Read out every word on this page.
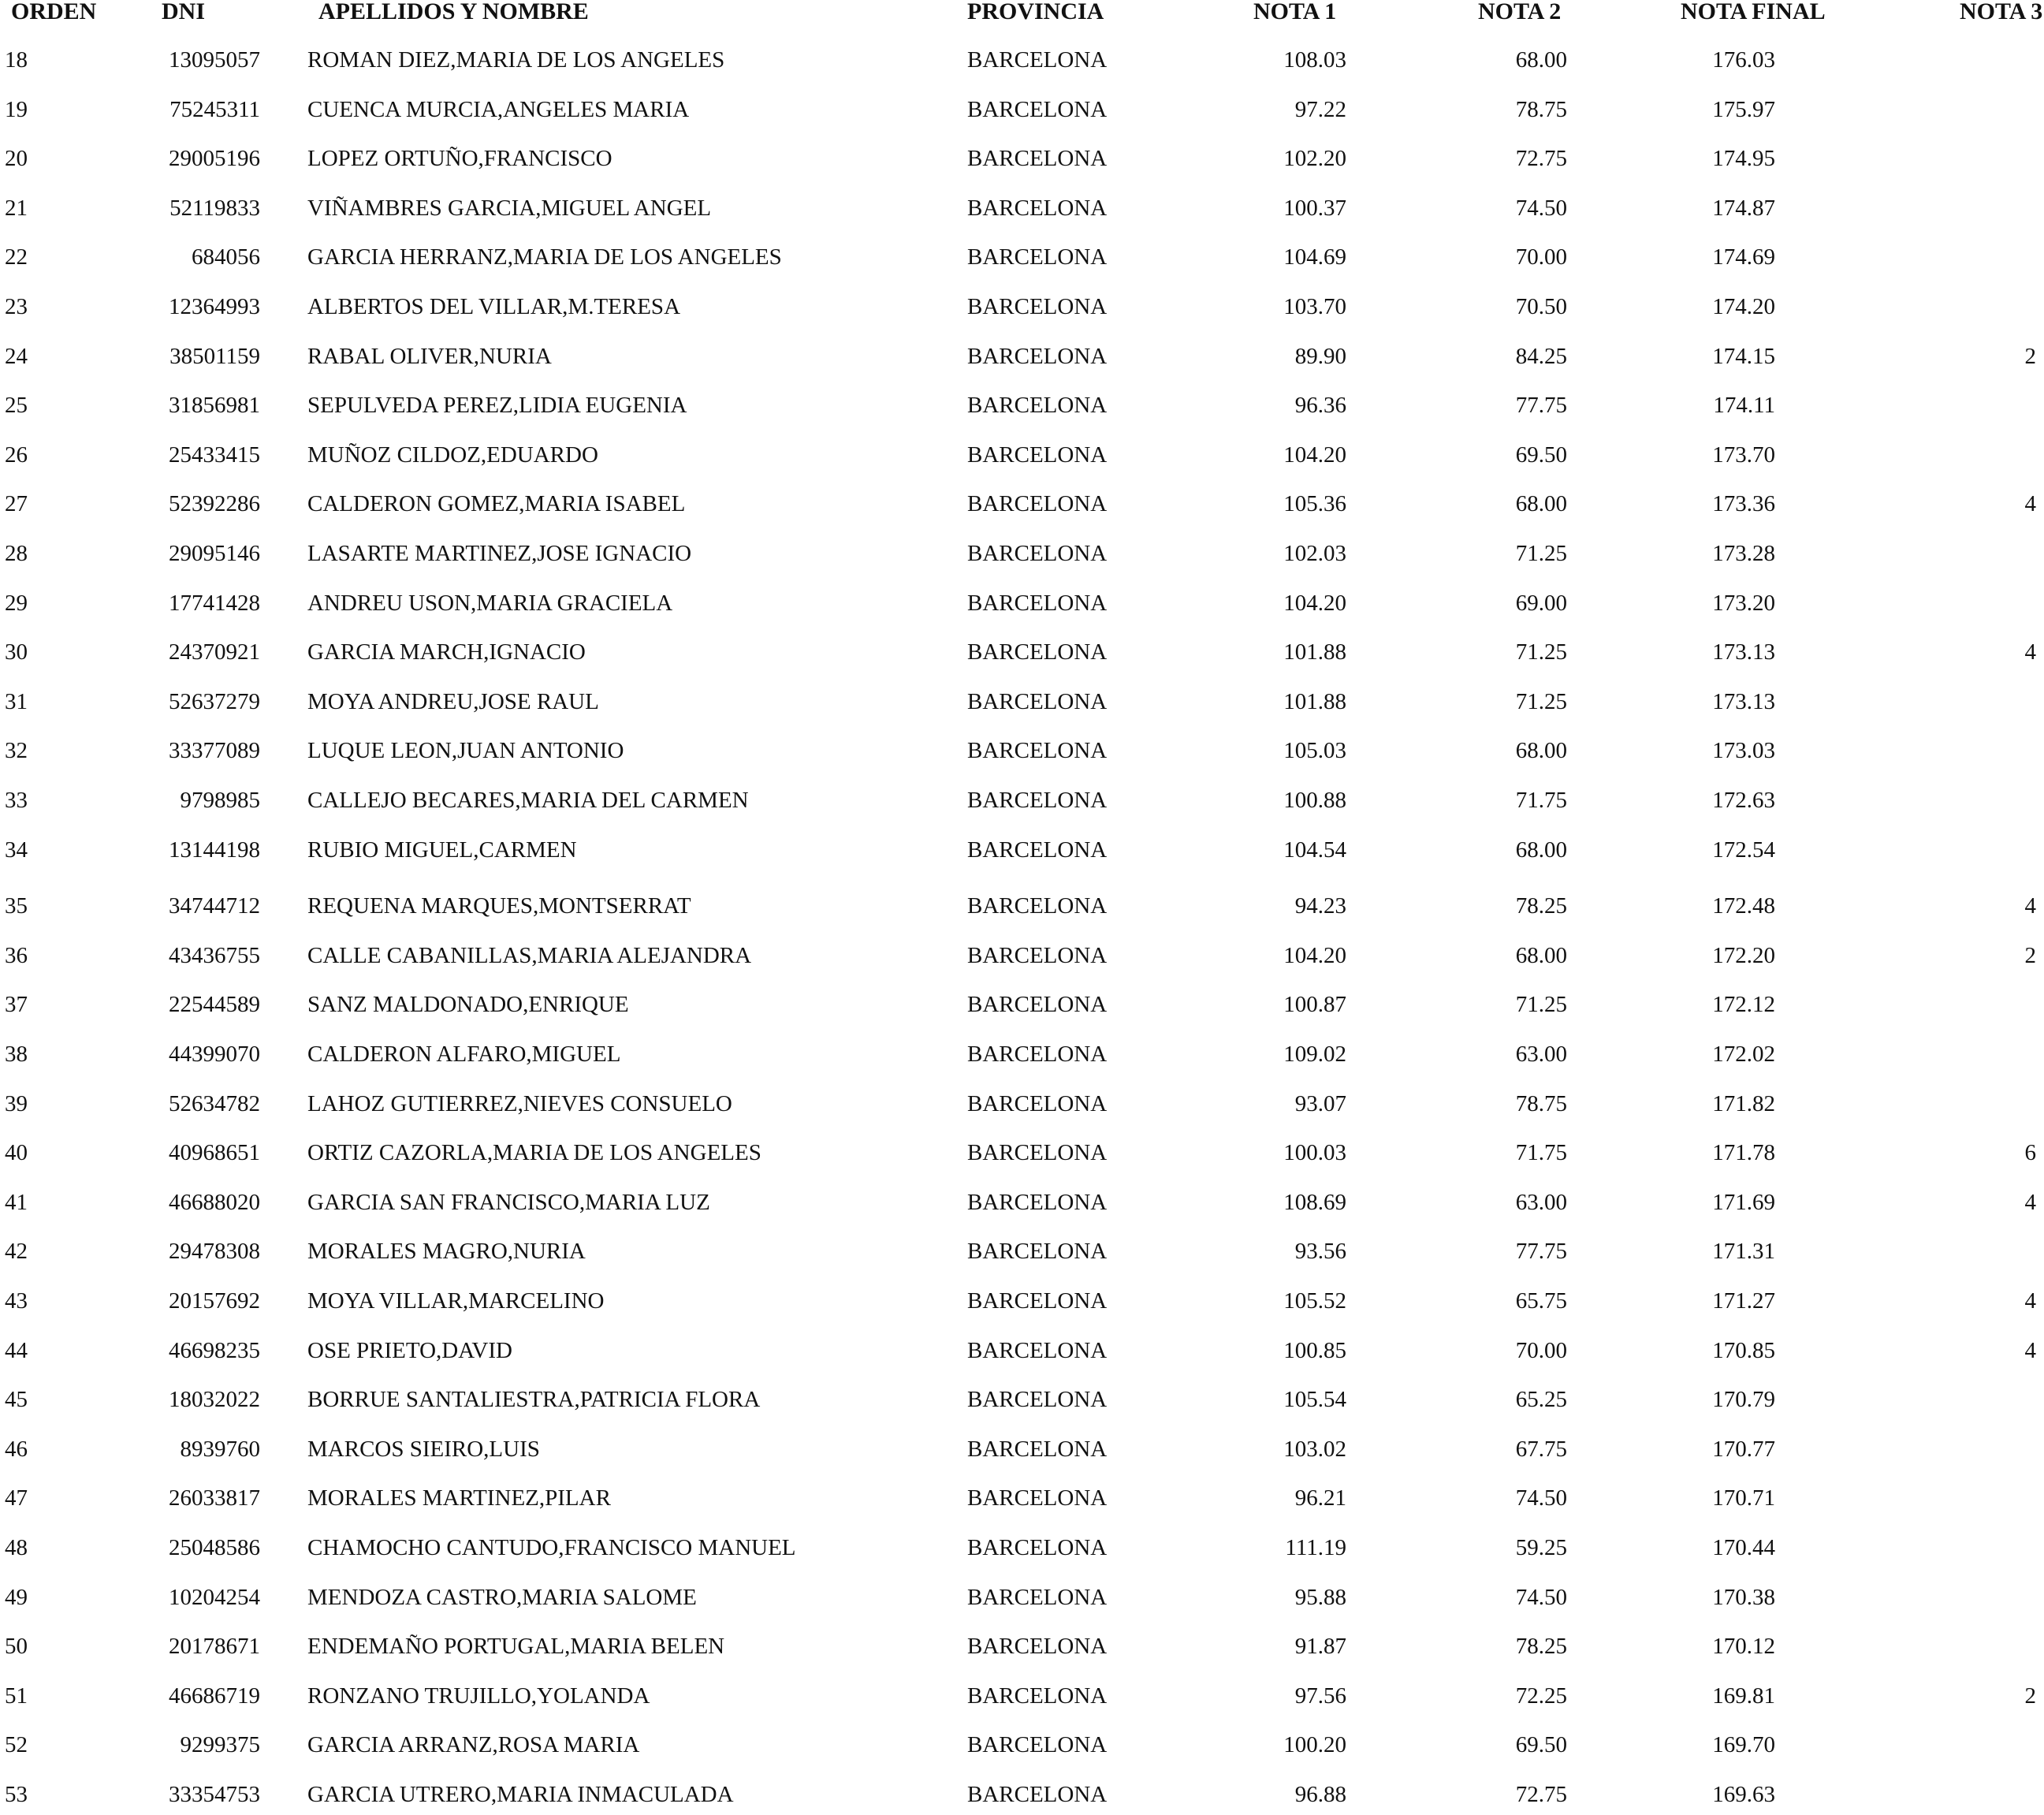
ORDEN	DNI	APELLIDOS Y NOMBRE	PROVINCIA	NOTA 1	NOTA 2	NOTA FINAL	NOTA 3
18	13095057 ROMAN DIEZ,MARIA DE LOS ANGELES	BARCELONA	108.03	68.00	176.03
19	75245311 CUENCA MURCIA,ANGELES MARIA	BARCELONA	97.22	78.75	175.97
20	29005196 LOPEZ ORTUÑO,FRANCISCO	BARCELONA	102.20	72.75	174.95
21	52119833 VIÑAMBRES GARCIA,MIGUEL ANGEL	BARCELONA	100.37	74.50	174.87
22	684056 GARCIA HERRANZ,MARIA DE LOS ANGELES	BARCELONA	104.69	70.00	174.69
23	12364993 ALBERTOS DEL VILLAR,M.TERESA	BARCELONA	103.70	70.50	174.20
24	38501159 RABAL OLIVER,NURIA	BARCELONA	89.90	84.25	174.15	2
25	31856981 SEPULVEDA PEREZ,LIDIA EUGENIA	BARCELONA	96.36	77.75	174.11
26	25433415 MUÑOZ CILDOZ,EDUARDO	BARCELONA	104.20	69.50	173.70
27	52392286 CALDERON GOMEZ,MARIA ISABEL	BARCELONA	105.36	68.00	173.36	4
28	29095146 LASARTE MARTINEZ,JOSE IGNACIO	BARCELONA	102.03	71.25	173.28
29	17741428 ANDREU USON,MARIA GRACIELA	BARCELONA	104.20	69.00	173.20
30	24370921 GARCIA MARCH,IGNACIO	BARCELONA	101.88	71.25	173.13	4
31	52637279 MOYA ANDREU,JOSE RAUL	BARCELONA	101.88	71.25	173.13
32	33377089 LUQUE LEON,JUAN ANTONIO	BARCELONA	105.03	68.00	173.03
33	9798985 CALLEJO BECARES,MARIA DEL CARMEN	BARCELONA	100.88	71.75	172.63
34	13144198 RUBIO MIGUEL,CARMEN	BARCELONA	104.54	68.00	172.54
35	34744712 REQUENA MARQUES,MONTSERRAT	BARCELONA	94.23	78.25	172.48	4
36	43436755 CALLE CABANILLAS,MARIA ALEJANDRA	BARCELONA	104.20	68.00	172.20	2
37	22544589 SANZ MALDONADO,ENRIQUE	BARCELONA	100.87	71.25	172.12
38	44399070 CALDERON ALFARO,MIGUEL	BARCELONA	109.02	63.00	172.02
39	52634782 LAHOZ GUTIERREZ,NIEVES CONSUELO	BARCELONA	93.07	78.75	171.82
40	40968651 ORTIZ CAZORLA,MARIA DE LOS ANGELES	BARCELONA	100.03	71.75	171.78	6
41	46688020 GARCIA SAN FRANCISCO,MARIA LUZ	BARCELONA	108.69	63.00	171.69	4
42	29478308 MORALES MAGRO,NURIA	BARCELONA	93.56	77.75	171.31
43	20157692 MOYA VILLAR,MARCELINO	BARCELONA	105.52	65.75	171.27	4
44	46698235 OSE PRIETO,DAVID	BARCELONA	100.85	70.00	170.85	4
45	18032022 BORRUE SANTALIESTRA,PATRICIA FLORA	BARCELONA	105.54	65.25	170.79
46	8939760 MARCOS SIEIRO,LUIS	BARCELONA	103.02	67.75	170.77
47	26033817 MORALES MARTINEZ,PILAR	BARCELONA	96.21	74.50	170.71
48	25048586 CHAMOCHO CANTUDO,FRANCISCO MANUEL	BARCELONA	111.19	59.25	170.44
49	10204254 MENDOZA CASTRO,MARIA SALOME	BARCELONA	95.88	74.50	170.38
50	20178671 ENDEMAÑO PORTUGAL,MARIA BELEN	BARCELONA	91.87	78.25	170.12
51	46686719 RONZANO TRUJILLO,YOLANDA	BARCELONA	97.56	72.25	169.81	2
52	9299375 GARCIA ARRANZ,ROSA MARIA	BARCELONA	100.20	69.50	169.70
53	33354753 GARCIA UTRERO,MARIA INMACULADA	BARCELONA	96.88	72.75	169.63
